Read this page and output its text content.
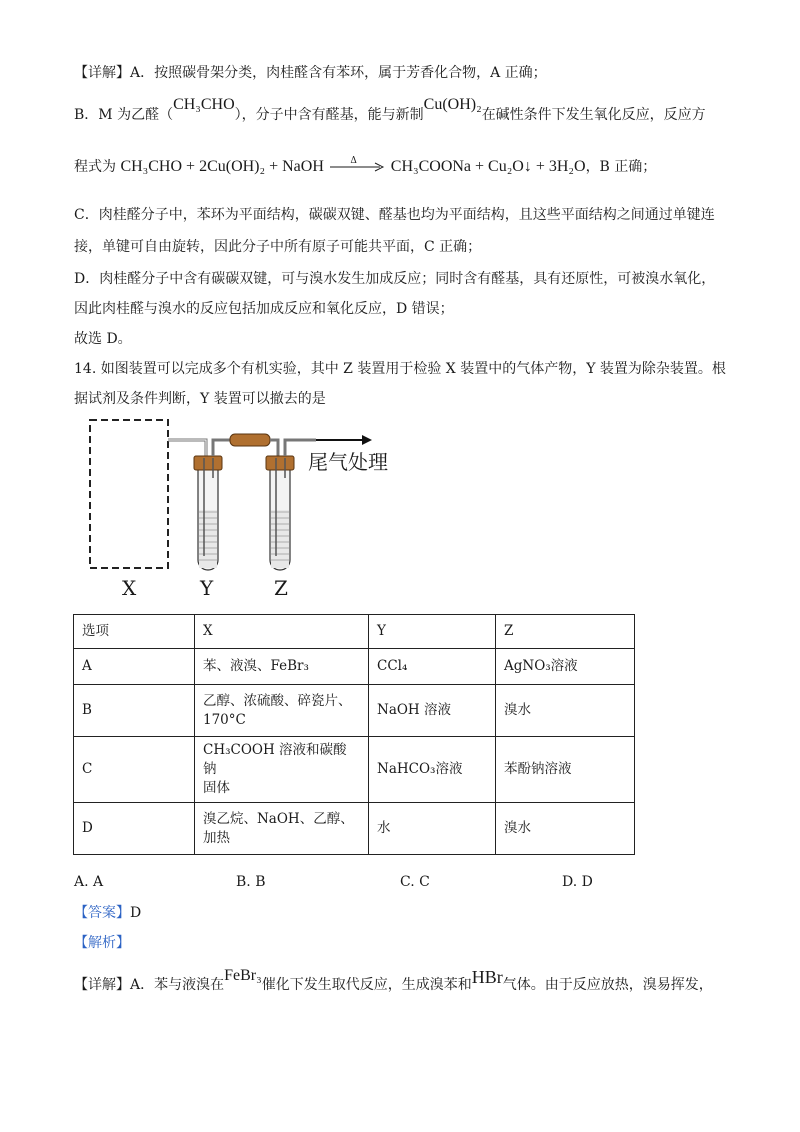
【详解】A．按照碳骨架分类，肉桂醛含有苯环，属于芳香化合物，A 正确；
B．M 为乙醛（CH₃CHO），分子中含有醛基，能与新制Cu(OH)₂在碱性条件下发生氧化反应，反应方
程式为 CH₃CHO + 2Cu(OH)₂ + NaOH	Δ CH₃COONa + Cu₂O↓ + 3H₂O，B 正确；
C．肉桂醛分子中，苯环为平面结构，碳碳双键、醛基也均为平面结构，且这些平面结构之间通过单键连
接，单键可自由旋转，因此分子中所有原子可能共平面，C 正确；
D．肉桂醛分子中含有碳碳双键，可与溴水发生加成反应；同时含有醛基，具有还原性，可被溴水氧化，
因此肉桂醛与溴水的反应包括加成反应和氧化反应，D 错误；
故选 D。
14. 如图装置可以完成多个有机实验，其中 Z 装置用于检验 X 装置中的气体产物，Y 装置为除杂装置。根
据试剂及条件判断，Y 装置可以撤去的是
尾气处理
X	Y	Z
选项	X	Y	Z
A	苯、液溴、FeBr₃	CCl₄	AgNO₃溶液
B	乙醇、浓硫酸、碎瓷片、
170°C	NaOH 溶液	溴水
C	CH₃COOH 溶液和碳酸钠
固体	NaHCO₃溶液	苯酚钠溶液
D	溴乙烷、NaOH、乙醇、
加热	水	溴水
A. A	B. B	C. C	D. D
【答案】D
【解析】
【详解】A．苯与液溴在FeBr₃催化下发生取代反应，生成溴苯和HBr气体。由于反应放热，溴易挥发，
